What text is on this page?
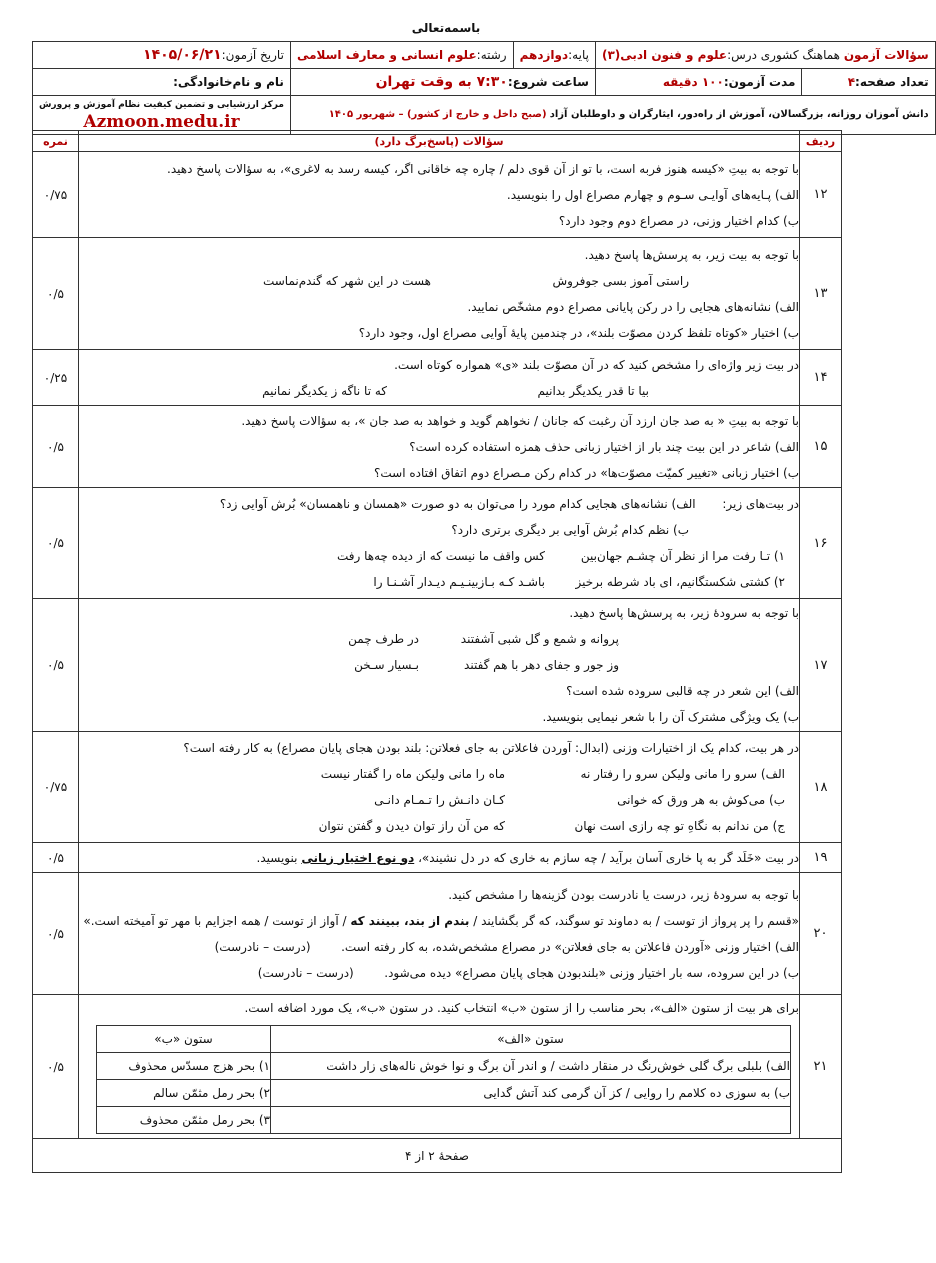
باسمه‌تعالی
سؤالات آزمون هماهنگ کشوری درس:علوم و فنون ادبی(۳)		پایه:دوازدهم	رشته:علوم انسانی و معارف اسلامی	تاریخ آزمون:۱۴۰۵/۰۶/۲۱
تعداد صفحه:۴	مدت آزمون:۱۰۰ دقیقه	ساعت شروع:۷:۳۰ به وقت تهران		نام و نام‌خانوادگی:
دانش آموزان روزانه، بزرگسالان، آموزش از راه‌دور، ایثارگران و داوطلبان آزاد (صبح داخل و خارج از کشور) – شهریور ۱۴۰۵				مرکز ارزشیابی و تضمین کیفیت نظام آموزش و پرورش
Azmoon.medu.ir
ردیف	سؤالات (پاسخ‌برگ دارد)	نمره
۱۲	
با توجه به بیتِ «کیسه هنوز فربه است، با تو از آن قوی دلم / چاره چه خاقانی اگر، کیسه رسد به لاغری»، به سؤالات پاسخ دهید.
الف) پـایه‌های آوایـی سـوم و چهارم مصراع اول را بنویسید.
ب) کدام اختیار وزنی، در مصراع دوم وجود دارد؟
	۰/۷۵
۱۳	
با توجه به بیت زیر، به پرسش‌ها پاسخ دهید.
راستی آموز بسی جوفروش
هست در این شهر که گندم‌نماست
الف) نشانه‌های هجایی را در رکن پایانی مصراع دوم مشخّص نمایید.
ب) اختیار «کوتاه تلفظ کردن مصوّت بلند»، در چندمین پایهٔ آوایی مصراع اول، وجود دارد؟
	۰/۵
۱۴	
در بیت زیر واژه‌ای را مشخص کنید که در آن مصوّت بلند «ی» همواره کوتاه است.
بیا تا قدر یکدیگر بدانیم
که تا ناگه ز یکدیگر نمانیم
	۰/۲۵
۱۵	
با توجه به بیتِ « به صد جان ارزد آن رغبت که جانان / نخواهم گوید و خواهد به صد جان »، به سؤالات پاسخ دهید.
الف) شاعر در این بیت چند بار از اختیار زبانی حذف همزه استفاده کرده است؟
ب) اختیار زبانی «تغییر کمیّت مصوّت‌ها» در کدام رکن مـصراع دوم اتفاق افتاده است؟
	۰/۵
۱۶	
در بیت‌های زیر:       الف) نشانه‌های هجایی کدام مورد را می‌توان به دو صورت «همسان و ناهمسان» بُرش آوایی زد؟
ب) نظم کدام بُرش آوایی بر دیگری برتری دارد؟
۱) تـا رفت مرا از نظر آن چشـم جهان‌بین
کس واقف ما نیست که از دیده چه‌ها رفت
۲) کشتی شکستگانیم، ای باد شرطه برخیز
باشـد کـه بـازبینـیـم دیـدار آشـنـا را
	۰/۵
۱۷	
با توجه به سرودهٔ زیر، به پرسش‌ها پاسخ دهید.
پروانه و شمع و گل شبی آشفتند
در طرف چمن
وز جور و جفای دهر با هم گفتند
بـسیار سـخن
الف) این شعر در چه قالبی سروده شده است؟
ب) یک ویژگی مشترک آن را با شعر نیمایی بنویسید.
	۰/۵
۱۸	
در هر بیت، کدام یک از اختیارات وزنی (ابدال: آوردن فاعلاتن به جای فعلاتن: بلند بودن هجای پایان مصراع) به کار رفته است؟
الف) سرو را مانی ولیکن سرو را رفتار نه
ماه را مانی ولیکن ماه را گفتار نیست
ب) می‌کوش به هر ورق که خوانی
کـان دانـش را تـمـام دانـی
ج) من ندانم به نگاهِ تو چه رازی است نهان
که من آن راز توان دیدن و گفتن نتوان
	۰/۷۵
۱۹	
در بیت «خَلَد گر به پا خاری آسان برآید / چه سازم به خاری که در دل نشیند»، دو نوع اختیار زبانی بنویسید.
	۰/۵
۲۰	
با توجه به سرودهٔ زیر، درست یا نادرست بودن گزینه‌ها را مشخص کنید.
«قسم را پر پرواز از توست / به دماوند تو سوگند، که گر بگشایند / بندم از بند، ببینند که / آواز از توست / همه اجزایم با مهر تو آمیخته است.»
الف) اختیار وزنی «آوردن فاعلاتن به جای فعلاتن» در مصراع مشخص‌شده، به کار رفته است.        (درست – نادرست)
ب) در این سروده، سه بار اختیار وزنی «بلندبودن هجای پایان مصراع» دیده می‌شود.        (درست – نادرست)
	۰/۵
۲۱	
برای هر بیت از ستون «الف»، بحر مناسب را از ستون «ب» انتخاب کنید. در ستون «ب»، یک مورد اضافه است.
ستون «الف»	ستون «ب»
الف) بلبلی برگ گلی خوش‌رنگ در منقار داشت / و اندر آن برگ و نوا خوش ناله‌های زار داشت	۱) بحر هزج مسدّس محذوف
ب) به سوزی ده کلامم را روایی / کز آن گرمی کند آتش گدایی	۲) بحر رمل مثمّن سالم
	۳) بحر رمل مثمّن محذوف
	۰/۵
صفحهٔ ۲ از ۴
